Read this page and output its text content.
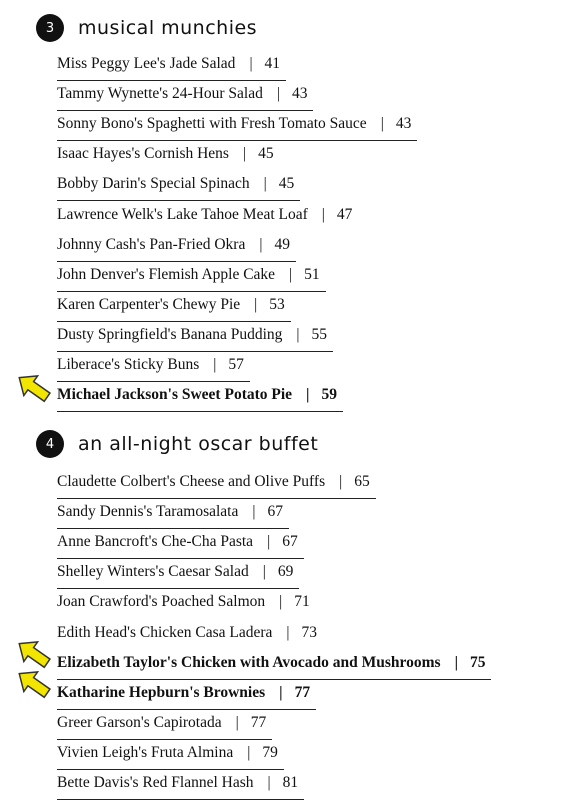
3	musical munchies
Miss Peggy Lee's Jade Salad | 41
Tammy Wynette's 24-Hour Salad | 43
Sonny Bono's Spaghetti with Fresh Tomato Sauce | 43
Isaac Hayes's Cornish Hens | 45
Bobby Darin's Special Spinach | 45
Lawrence Welk's Lake Tahoe Meat Loaf | 47
Johnny Cash's Pan-Fried Okra | 49
John Denver's Flemish Apple Cake | 51
Karen Carpenter's Chewy Pie | 53
Dusty Springfield's Banana Pudding | 55
Liberace's Sticky Buns | 57
Michael Jackson's Sweet Potato Pie | 59
4	an all-night oscar buffet
Claudette Colbert's Cheese and Olive Puffs | 65
Sandy Dennis's Taramosalata | 67
Anne Bancroft's Che-Cha Pasta | 67
Shelley Winters's Caesar Salad | 69
Joan Crawford's Poached Salmon | 71
Edith Head's Chicken Casa Ladera | 73
Elizabeth Taylor's Chicken with Avocado and Mushrooms | 75
Katharine Hepburn's Brownies | 77
Greer Garson's Capirotada | 77
Vivien Leigh's Fruta Almina | 79
Bette Davis's Red Flannel Hash | 81
